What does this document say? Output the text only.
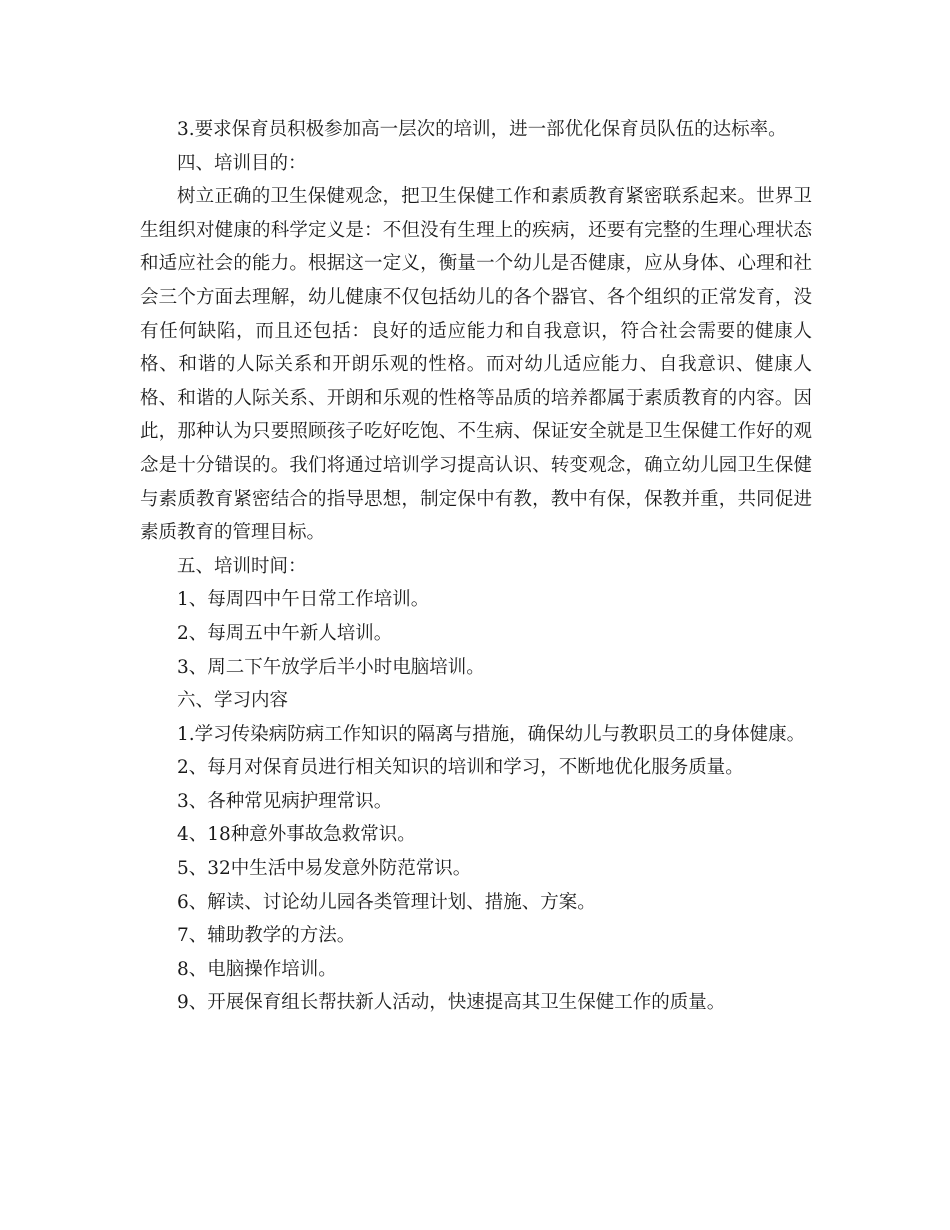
3.要求保育员积极参加高一层次的培训，进一部优化保育员队伍的达标率。

四、培训目的：

树立正确的卫生保健观念，把卫生保健工作和素质教育紧密联系起来。世界卫生组织对健康的科学定义是：不但没有生理上的疾病，还要有完整的生理心理状态和适应社会的能力。根据这一定义，衡量一个幼儿是否健康，应从身体、心理和社会三个方面去理解，幼儿健康不仅包括幼儿的各个器官、各个组织的正常发育，没有任何缺陷，而且还包括：良好的适应能力和自我意识，符合社会需要的健康人格、和谐的人际关系和开朗乐观的性格。而对幼儿适应能力、自我意识、健康人格、和谐的人际关系、开朗和乐观的性格等品质的培养都属于素质教育的内容。因此，那种认为只要照顾孩子吃好吃饱、不生病、保证安全就是卫生保健工作好的观念是十分错误的。我们将通过培训学习提高认识、转变观念，确立幼儿园卫生保健与素质教育紧密结合的指导思想，制定保中有教，教中有保，保教并重，共同促进素质教育的管理目标。

五、培训时间：

1、每周四中午日常工作培训。

2、每周五中午新人培训。

3、周二下午放学后半小时电脑培训。

六、学习内容

1.学习传染病防病工作知识的隔离与措施，确保幼儿与教职员工的身体健康。

2、每月对保育员进行相关知识的培训和学习，不断地优化服务质量。

3、各种常见病护理常识。

4、18种意外事故急救常识。

5、32中生活中易发意外防范常识。

6、解读、讨论幼儿园各类管理计划、措施、方案。

7、辅助教学的方法。

8、电脑操作培训。

9、开展保育组长帮扶新人活动，快速提高其卫生保健工作的质量。
